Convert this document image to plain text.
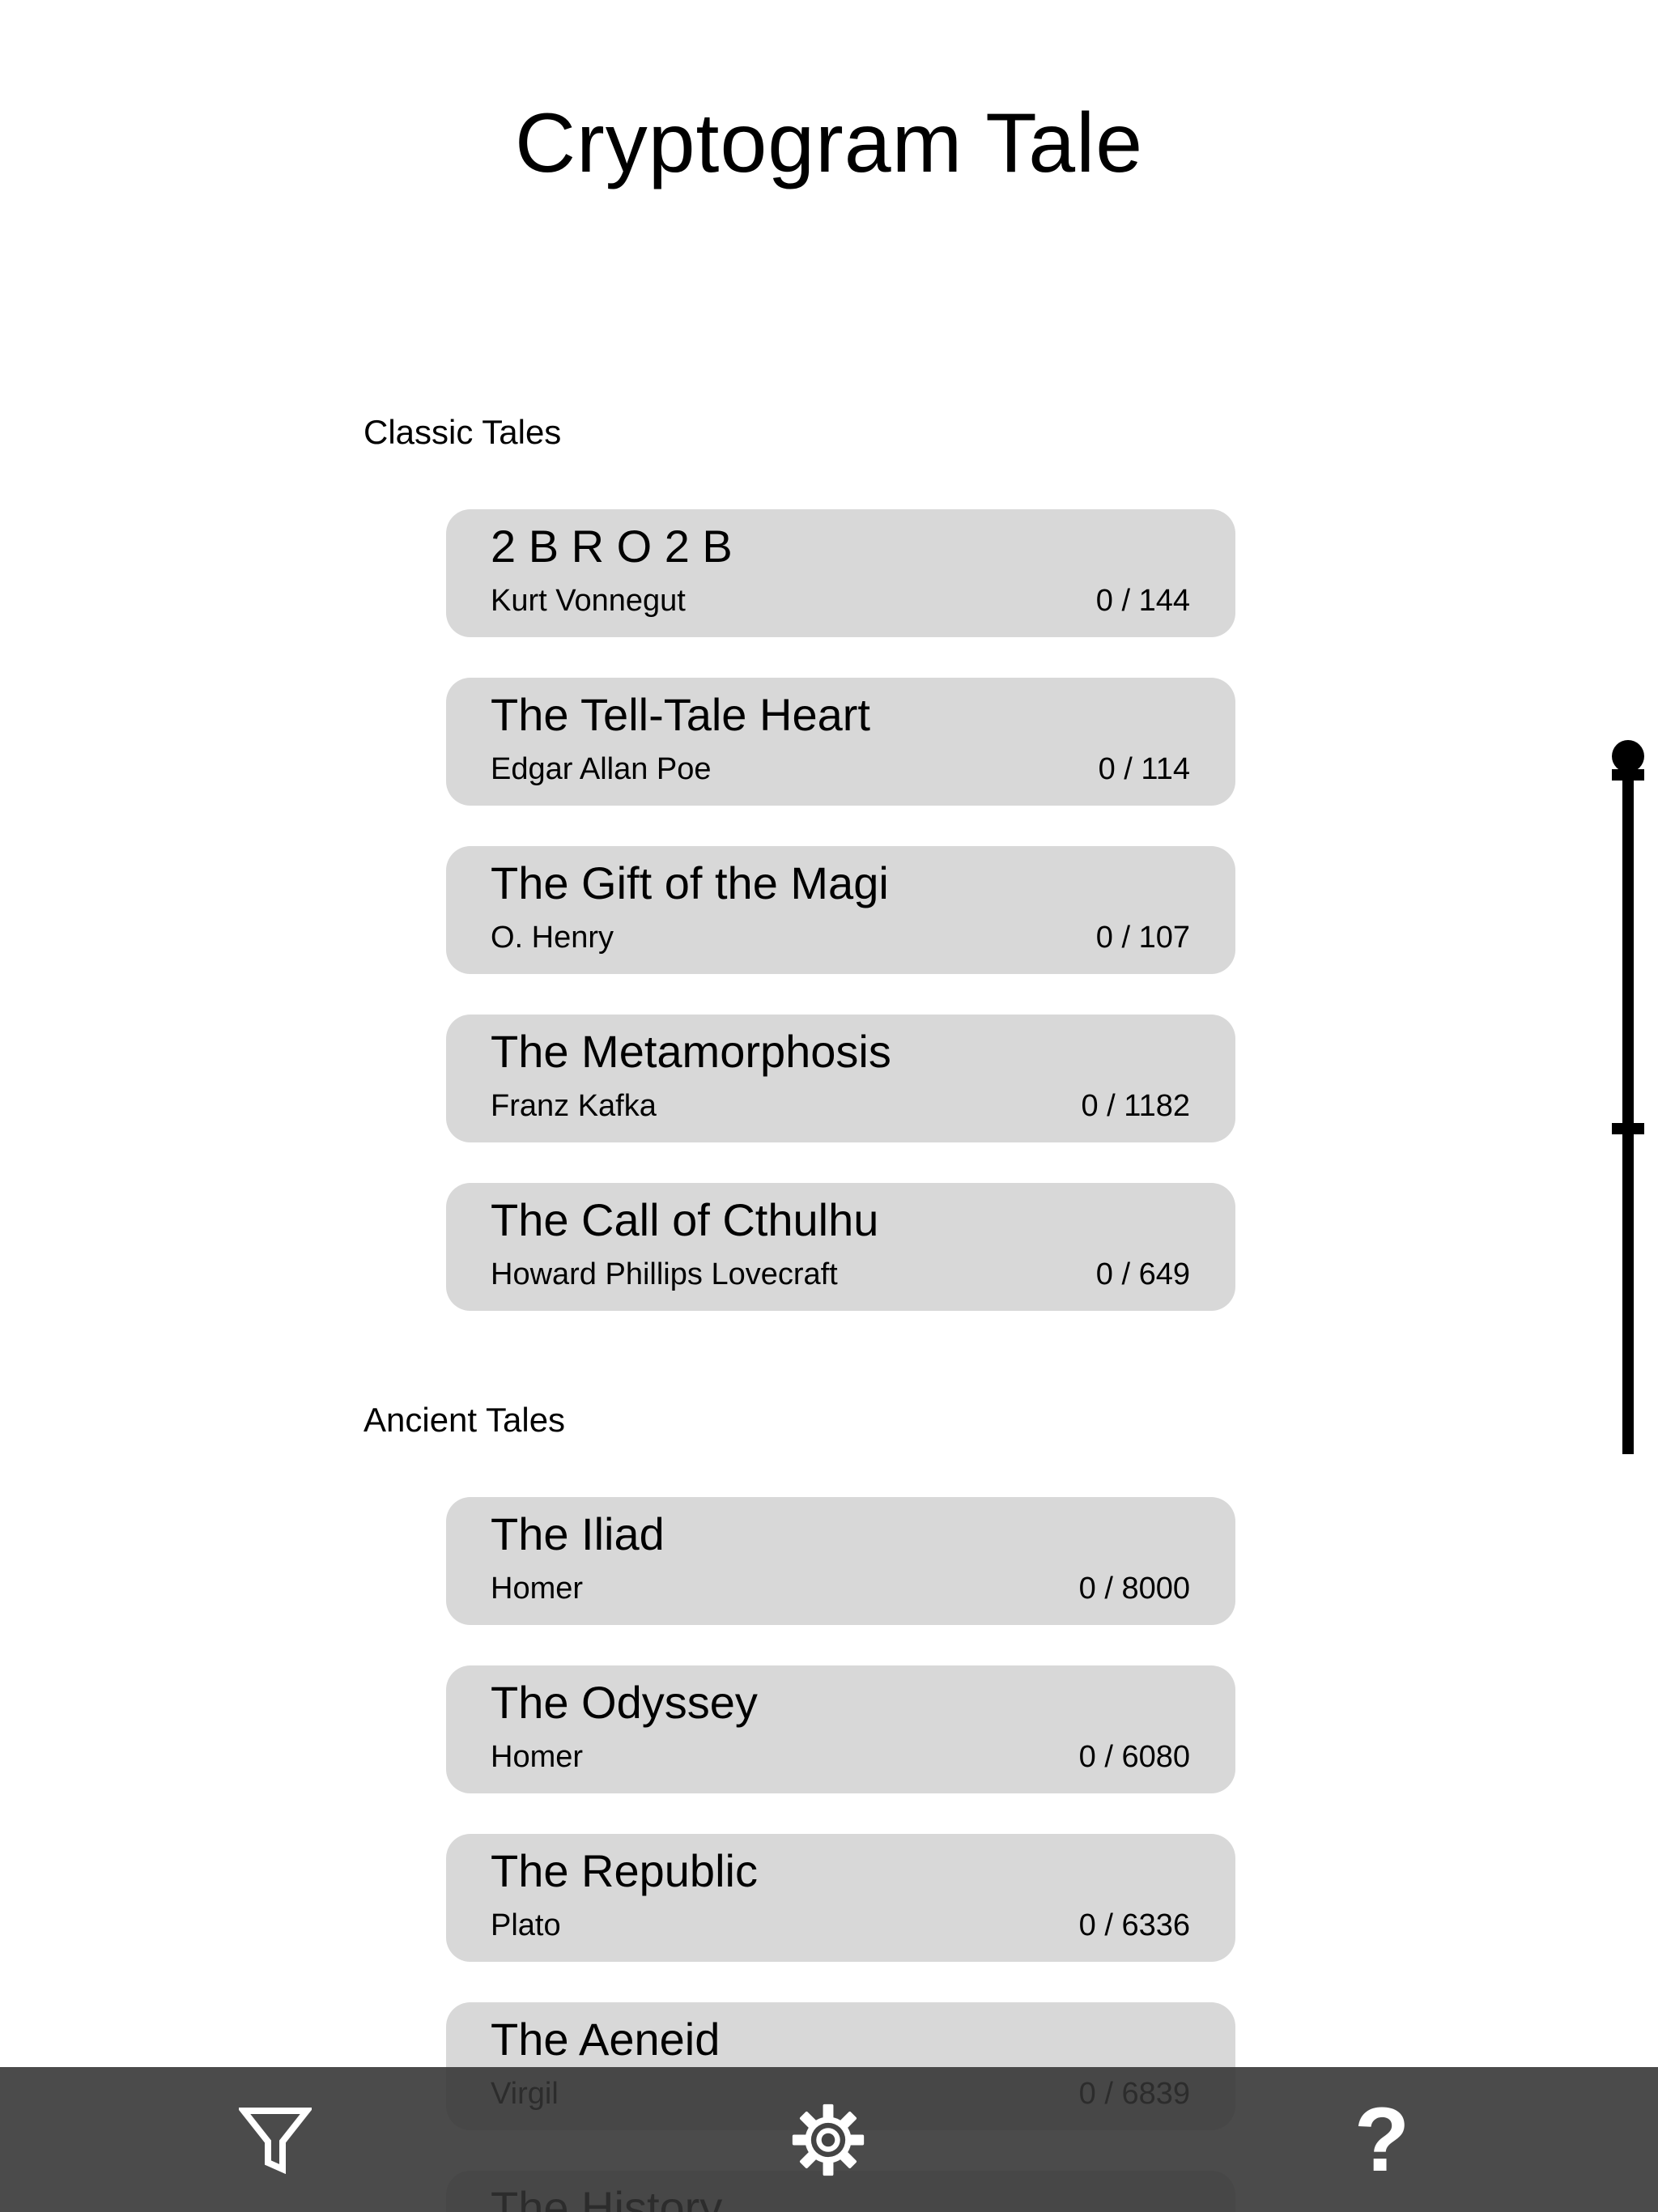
Cryptogram Tale
Classic Tales
2 B R O 2 B
Kurt Vonnegut	0 / 144
The Tell-Tale Heart
Edgar Allan Poe	0 / 114
The Gift of the Magi
O. Henry	0 / 107
The Metamorphosis
Franz Kafka	0 / 1182
The Call of Cthulhu
Howard Phillips Lovecraft	0 / 649
Ancient Tales
The Iliad
Homer	0 / 8000
The Odyssey
Homer	0 / 6080
The Republic
Plato	0 / 6336
The Aeneid
?
